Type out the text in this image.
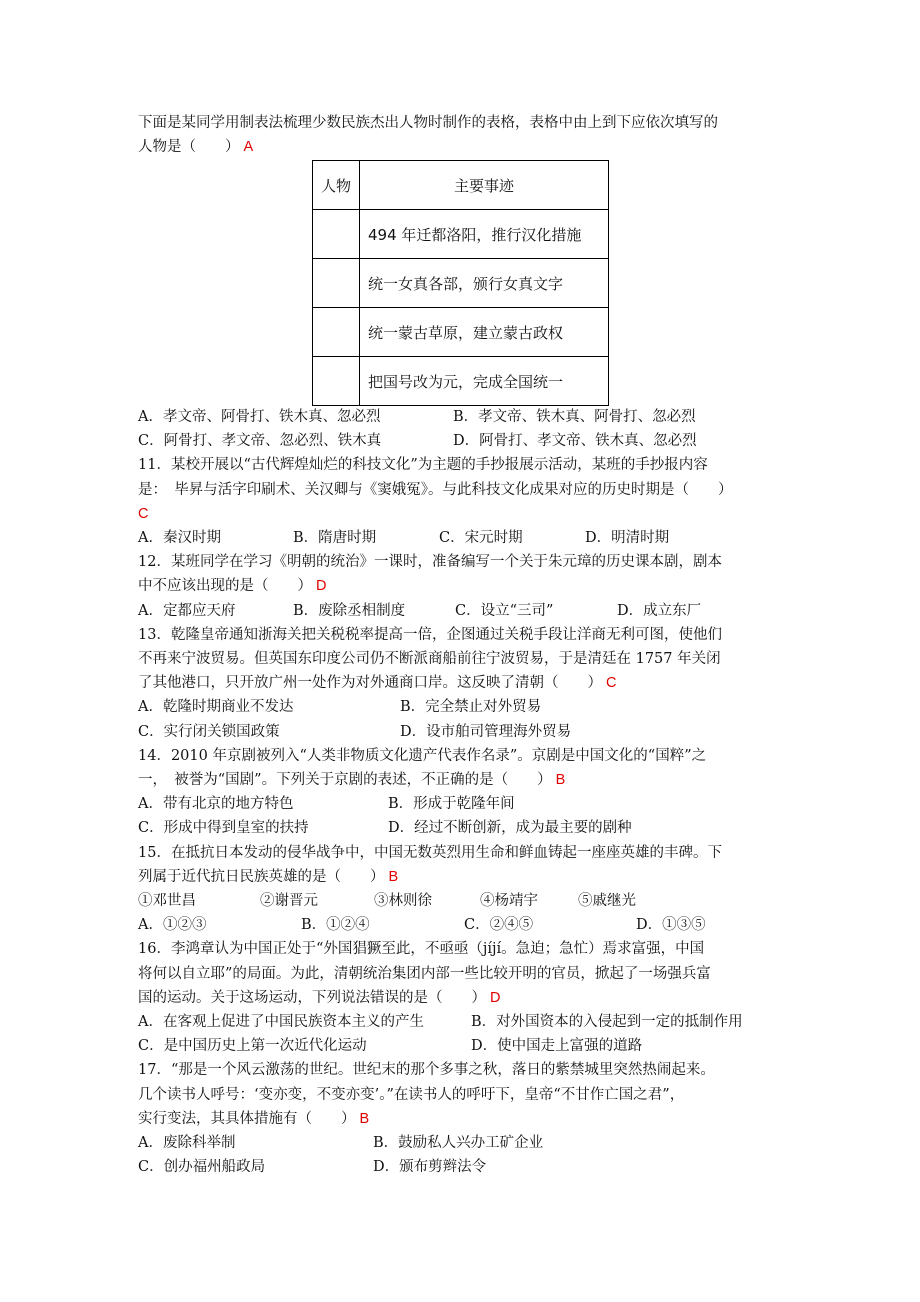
下面是某同学用制表法梳理少数民族杰出人物时制作的表格，表格中由上到下应依次填写的
人物是（　　） A
人物	主要事迹
	494 年迁都洛阳，推行汉化措施
	统一女真各部，颁行女真文字
	统一蒙古草原，建立蒙古政权
	把国号改为元，完成全国统一
A．孝文帝、阿骨打、铁木真、忽必烈	B．孝文帝、铁木真、阿骨打、忽必烈
C．阿骨打、孝文帝、忽必烈、铁木真	D．阿骨打、孝文帝、铁木真、忽必烈
11．某校开展以“古代辉煌灿烂的科技文化”为主题的手抄报展示活动，某班的手抄报内容
是：　毕昇与活字印刷术、关汉卿与《窦娥冤》。与此科技文化成果对应的历史时期是（　　）
C
A．秦汉时期	B．隋唐时期	C．宋元时期	D．明清时期
12．某班同学在学习《明朝的统治》一课时，准备编写一个关于朱元璋的历史课本剧，剧本
中不应该出现的是（　　） D
A．定都应天府	B．废除丞相制度	C．设立“三司”	D．成立东厂
13．乾隆皇帝通知浙海关把关税税率提高一倍，企图通过关税手段让洋商无利可图，使他们
不再来宁波贸易。但英国东印度公司仍不断派商船前往宁波贸易，于是清廷在 1757 年关闭
了其他港口，只开放广州一处作为对外通商口岸。这反映了清朝（　　） C
A．乾隆时期商业不发达	B．完全禁止对外贸易
C．实行闭关锁国政策	D．设市舶司管理海外贸易
14．2010 年京剧被列入“人类非物质文化遗产代表作名录”。京剧是中国文化的“国粹”之
一，　被誉为“国剧”。下列关于京剧的表述，不正确的是（　　） B
A．带有北京的地方特色	B．形成于乾隆年间
C．形成中得到皇室的扶持	D．经过不断创新，成为最主要的剧种
15．在抵抗日本发动的侵华战争中，中国无数英烈用生命和鲜血铸起一座座英雄的丰碑。下
列属于近代抗日民族英雄的是（　　） B
①邓世昌	②谢晋元	③林则徐	④杨靖宇	⑤戚继光
A．①②③	B．①②④	C．②④⑤	D．①③⑤
16．李鸿章认为中国正处于“外国猖獗至此，不亟亟（jíjí。急迫；急忙）焉求富强，中国
将何以自立耶”的局面。为此，清朝统治集团内部一些比较开明的官员，掀起了一场强兵富
国的运动。关于这场运动，下列说法错误的是（　　） D
A．在客观上促进了中国民族资本主义的产生	B．对外国资本的入侵起到一定的抵制作用
C．是中国历史上第一次近代化运动	D．使中国走上富强的道路
17．“那是一个风云激荡的世纪。世纪末的那个多事之秋，落日的紫禁城里突然热闹起来。
几个读书人呼号：‘变亦变，不变亦变’。”在读书人的呼吁下，皇帝“不甘作亡国之君”，
实行变法，其具体措施有（　　） B
A．废除科举制	B．鼓励私人兴办工矿企业
C．创办福州船政局	D．颁布剪辫法令
